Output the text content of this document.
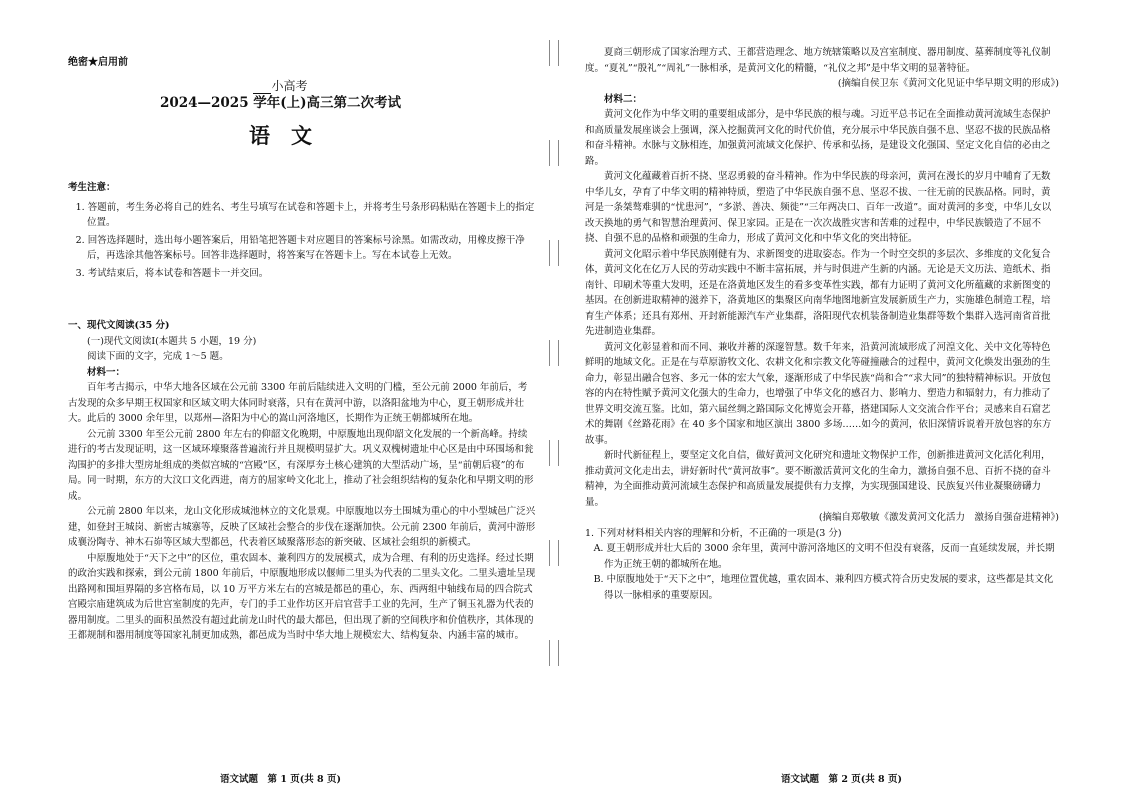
绝密★启用前
小高考
2024—2025 学年(上)高三第二次考试
语　文
考生注意：

1. 答题前，考生务必将自己的姓名、考生号填写在试卷和答题卡上，并将考生号条形码粘贴在答题卡上的指定位置。

2. 回答选择题时，选出每小题答案后，用铅笔把答题卡对应题目的答案标号涂黑。如需改动，用橡皮擦干净后，再选涂其他答案标号。回答非选择题时，将答案写在答题卡上。写在本试卷上无效。

3. 考试结束后，将本试卷和答题卡一并交回。

一、现代文阅读(35 分)

(一)现代文阅读Ⅰ(本题共 5 小题，19 分)

阅读下面的文字，完成 1～5 题。

材料一：

百年考古揭示，中华大地各区域在公元前 3300 年前后陆续进入文明的门槛，至公元前 2000 年前后，考古发现的众多早期王权国家和区域文明大体同时衰落，只有在黄河中游，以洛阳盆地为中心，夏王朝形成并壮大。此后的 3000 余年里，以郑州—洛阳为中心的嵩山河洛地区，长期作为正统王朝都城所在地。

公元前 3300 年至公元前 2800 年左右的仰韶文化晚期，中原腹地出现仰韶文化发展的一个新高峰。持续进行的考古发现证明，这一区域环壕聚落普遍流行并且规模明显扩大。巩义双槐树遗址中心区是由中环围场和瓮沟围护的多排大型房址组成的类似宫城的“宫殿”区，有深厚夯土核心建筑的大型活动广场，呈“前朝后寝”的布局。同一时期，东方的大汶口文化西进，南方的屈家岭文化北上，推动了社会组织结构的复杂化和早期文明的形成。

公元前 2800 年以来，龙山文化形成城池林立的文化景观。中原腹地以夯土围城为重心的中小型城邑广泛兴建，如登封王城岗、新密古城寨等，反映了区域社会整合的步伐在逐渐加快。公元前 2300 年前后，黄河中游形成襄汾陶寺、神木石峁等区域大型都邑，代表着区域聚落形态的新突破、区域社会组织的新模式。

中原腹地处于“天下之中”的区位，重农固本、兼利四方的发展模式，成为合理、有利的历史选择。经过长期的政治实践和探索，到公元前 1800 年前后，中原腹地形成以偃师二里头为代表的二里头文化。二里头遗址呈现出路网和围垣界隔的多宫格布局，以 10 万平方米左右的宫城是都邑的重心，东、西两组中轴线布局的四合院式宫殿宗庙建筑成为后世宫室制度的先声，专门的手工业作坊区开启官营手工业的先河，生产了铜玉礼器为代表的器用制度。二里头的面积虽然没有超过此前龙山时代的最大都邑，但出现了新的空间秩序和价值秩序，其体现的王都规制和器用制度等国家礼制更加成熟，都邑成为当时中华大地上规模宏大、结构复杂、内涵丰富的城市。

语文试题　第 1 页(共 8 页)

夏商三朝形成了国家治理方式、王都营造理念、地方统辖策略以及宫室制度、器用制度、墓葬制度等礼仪制度。“夏礼”“殷礼”“周礼”一脉相承，是黄河文化的精髓，“礼仪之邦”是中华文明的显著特征。

(摘编自侯卫东《黄河文化见证中华早期文明的形成》)

材料二：

黄河文化作为中华文明的重要组成部分，是中华民族的根与魂。习近平总书记在全面推动黄河流域生态保护和高质量发展座谈会上强调，深入挖掘黄河文化的时代价值，充分展示中华民族自强不息、坚忍不拔的民族品格和奋斗精神。水脉与文脉相连，加强黄河流域文化保护、传承和弘扬，是建设文化强国、坚定文化自信的必由之路。

黄河文化蕴藏着百折不挠、坚忍勇毅的奋斗精神。作为中华民族的母亲河，黄河在漫长的岁月中哺育了无数中华儿女，孕育了中华文明的精神特质，塑造了中华民族自强不息、坚忍不拔、一往无前的民族品格。同时，黄河是一条桀骜难驯的“忧患河”，“多淤、善决、频徙”“三年两决口、百年一改道”。面对黄河的多变，中华儿女以改天换地的勇气和智慧治理黄河、保卫家园。正是在一次次战胜灾害和苦难的过程中，中华民族锻造了不屈不挠、自强不息的品格和顽强的生命力，形成了黄河文化和中华文化的突出特征。

黄河文化昭示着中华民族刚健有为、求新图变的进取姿态。作为一个时空交织的多层次、多维度的文化复合体，黄河文化在亿万人民的劳动实践中不断丰富拓展，并与时俱进产生新的内涵。无论是天文历法、造纸术、指南针、印刷术等重大发明，还是在洛黄地区发生的看多变革性实践，都有力证明了黄河文化所蕴藏的求新图变的基因。在创新进取精神的滋养下，洛黄地区的集聚区向南华地图地新宣发展新质生产力，实施雄色制造工程，培育生产体系；还具有郑州、开封新能源汽车产业集群，洛阳现代农机装备制造业集群等数个集群入选河南省首批先进制造业集群。

黄河文化彰显着和而不同、兼收并蓄的深邃智慧。数千年来，沿黄河流域形成了河湟文化、关中文化等特色鲜明的地域文化。正是在与草原游牧文化、农耕文化和宗教文化等碰撞融合的过程中，黄河文化焕发出强劲的生命力，彰显出融合包容、多元一体的宏大气象，逐渐形成了中华民族“尚和合”“求大同”的独特精神标识。开放包容的内在特性赋予黄河文化强大的生命力，也增强了中华文化的感召力、影响力、塑造力和辐射力，有力推动了世界文明交流互鉴。比如，第六届丝绸之路国际文化博览会开幕，搭建国际人文交流合作平台；灵感来自石窟艺术的舞剧《丝路花雨》在 40 多个国家和地区演出 3800 多场……如今的黄河，依旧深情诉说着开放包容的东方故事。

新时代新征程上，要坚定文化自信，做好黄河文化研究和遗址文物保护工作，创新推进黄河文化活化利用，推动黄河文化走出去，讲好新时代“黄河故事”。要不断激活黄河文化的生命力，激扬自强不息、百折不挠的奋斗精神，为全面推动黄河流域生态保护和高质量发展提供有力支撑，为实现强国建设、民族复兴伟业凝聚磅礴力量。

(摘编自郑敬敏《激发黄河文化活力　激扬自强奋进精神》)

1. 下列对材料相关内容的理解和分析，不正确的一项是(3 分)

A. 夏王朝形成并壮大后的 3000 余年里，黄河中游河洛地区的文明不但没有衰落，反而一直延续发展，并长期作为正统王朝的都城所在地。

B. 中原腹地处于“天下之中”，地理位置优越，重农固本、兼利四方模式符合历史发展的要求，这些都是其文化得以一脉相承的重要原因。

语文试题　第 2 页(共 8 页)
